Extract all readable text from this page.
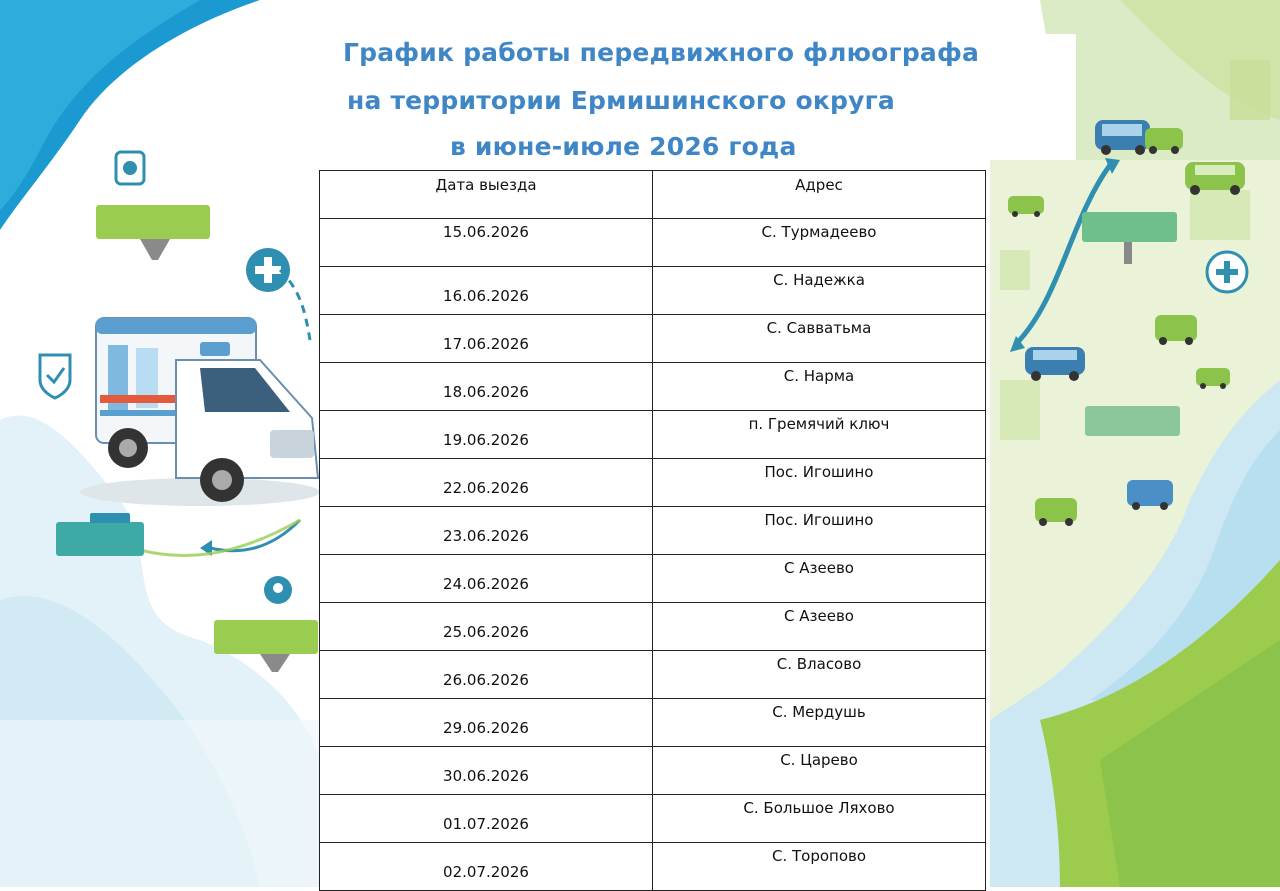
График работы передвижного флюографа
на территории Ермишинского округа
в июне-июле 2026 года
Дата выезда	Адрес
15.06.2026	С. Турмадеево
16.06.2026	С. Надежка
17.06.2026	С. Савватьма
18.06.2026	С. Нарма
19.06.2026	п. Гремячий ключ
22.06.2026	Пос. Игошино
23.06.2026	Пос. Игошино
24.06.2026	С Азеево
25.06.2026	С Азеево
26.06.2026	С. Власово
29.06.2026	С. Мердушь
30.06.2026	С. Царево
01.07.2026	С. Большое Ляхово
02.07.2026	С. Торопово
